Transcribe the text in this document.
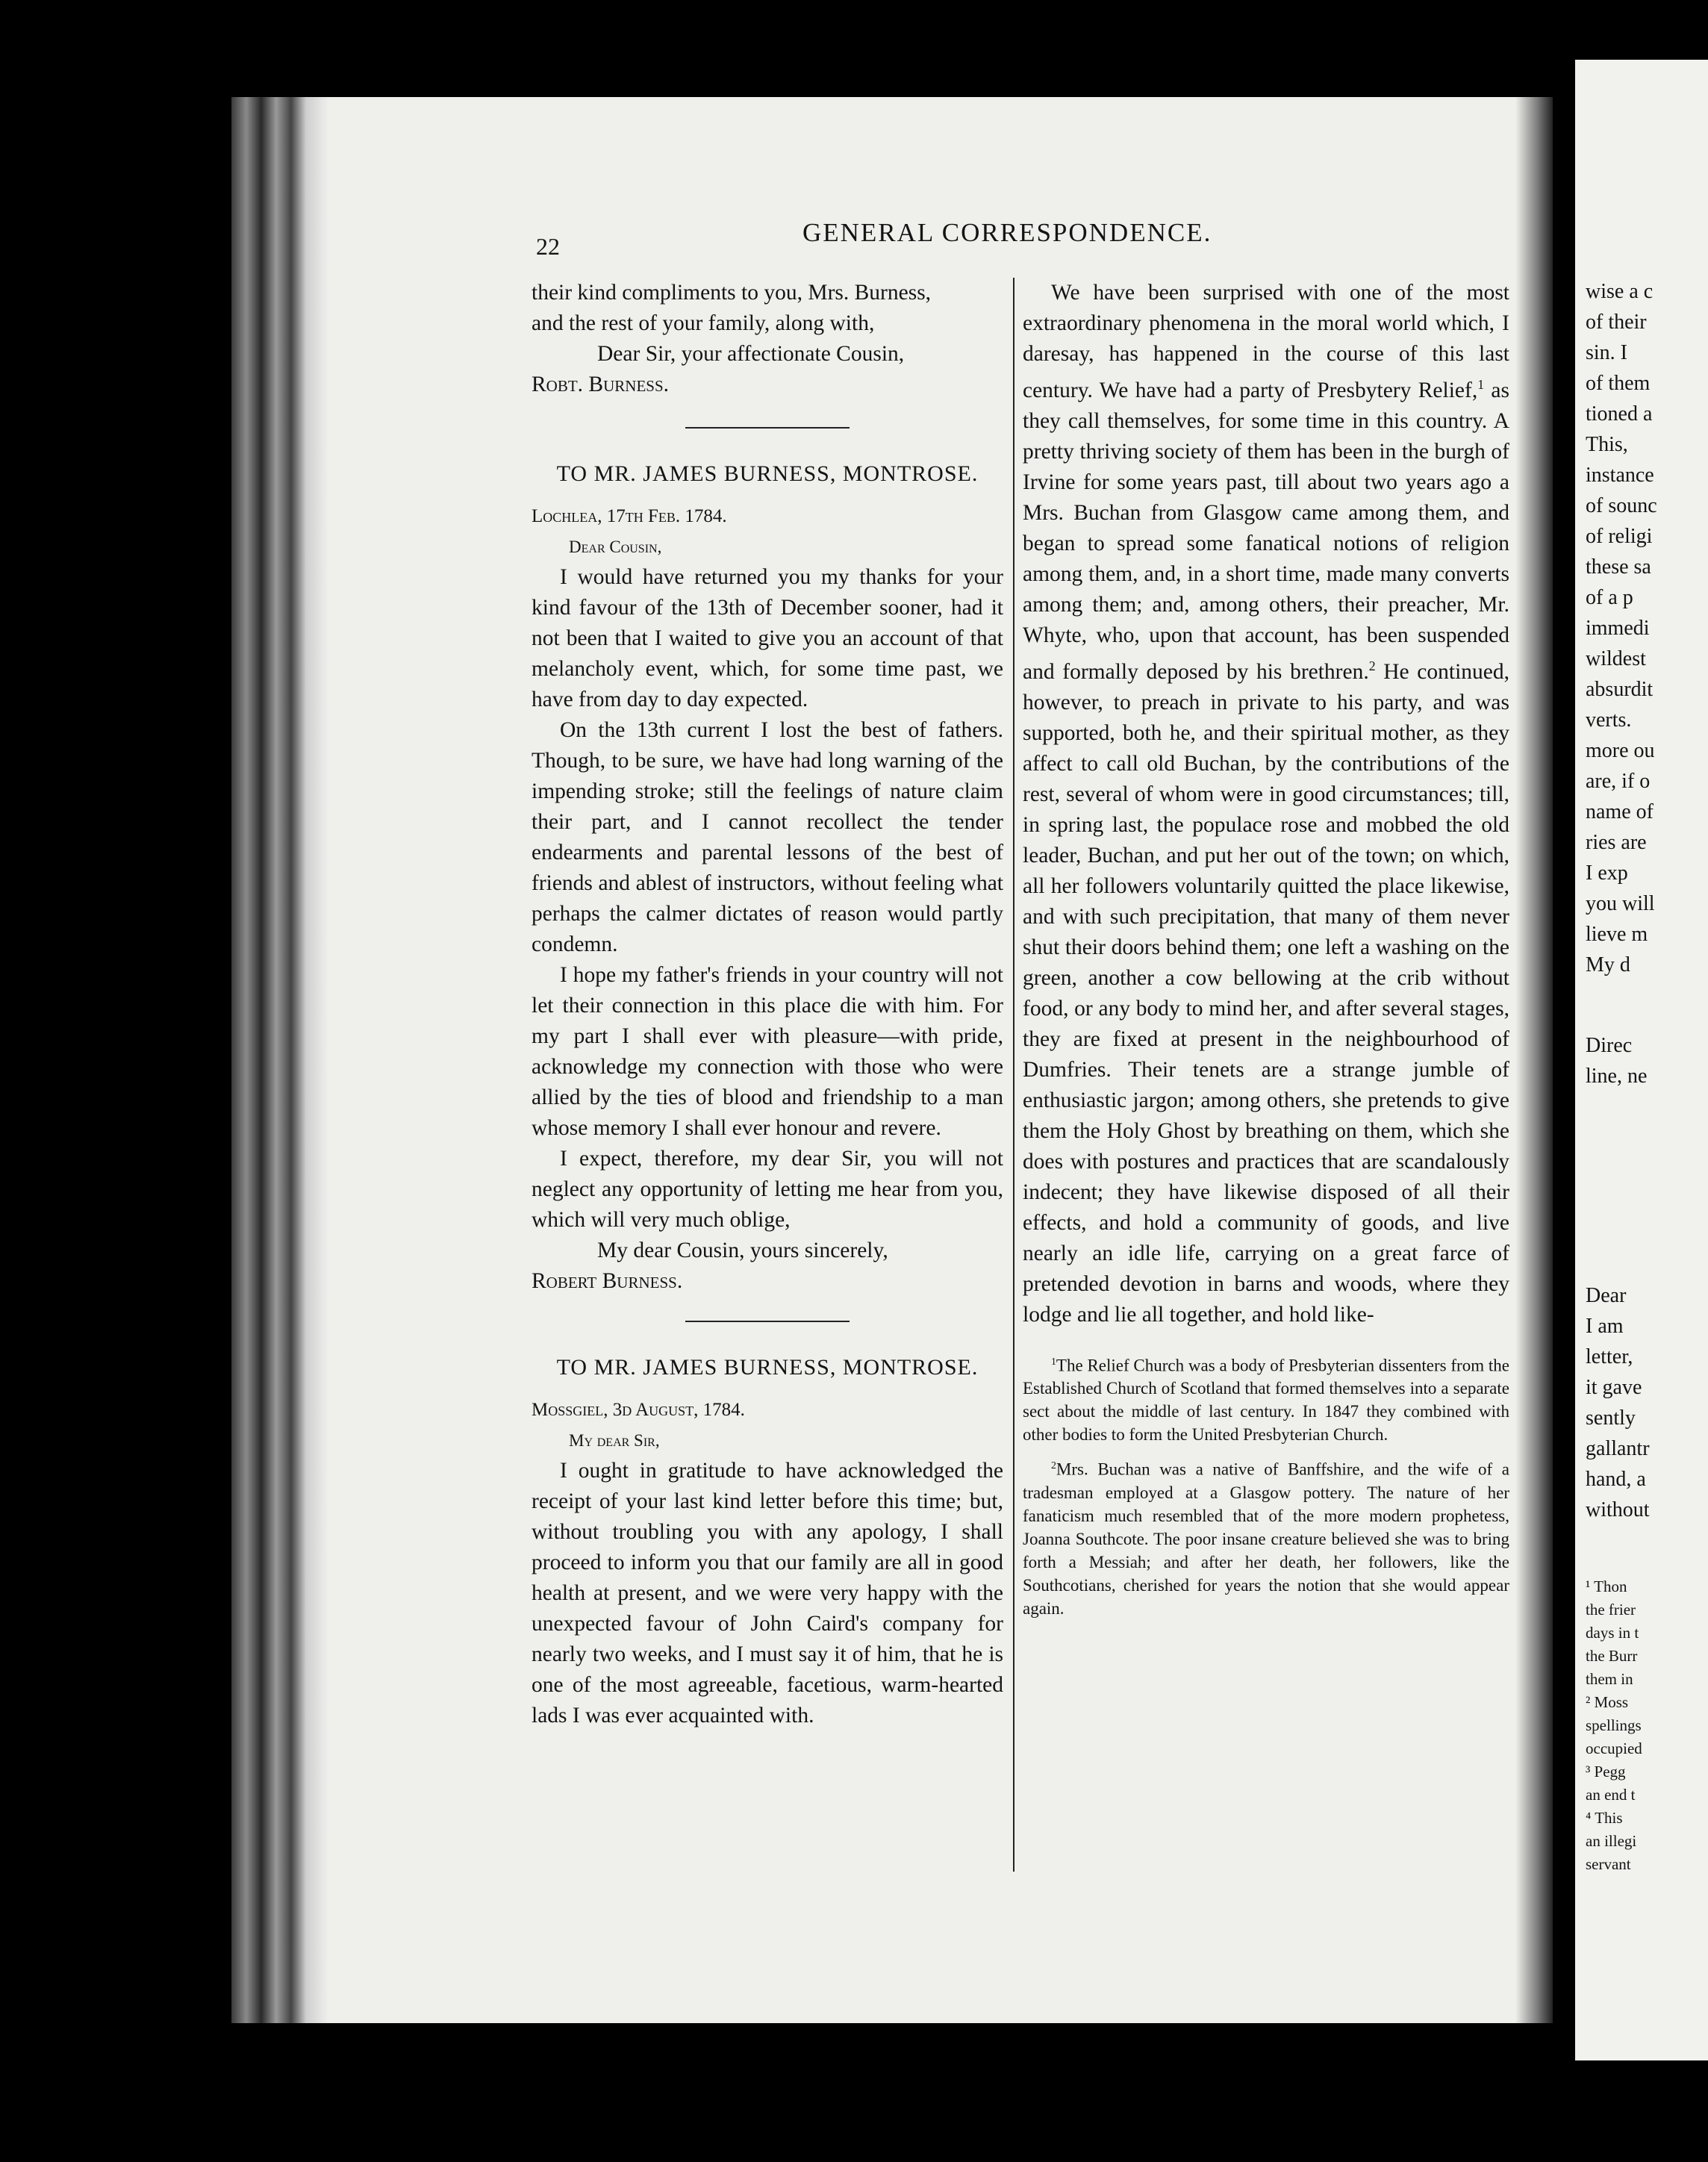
wise a c
of their
sin. I
of them
tioned a
This,
instance
of sounc
of religi
these sa
of a p
immedi
wildest
absurdit
verts.
more ou
are, if o
name of
ries are
I exp
you will
lieve m
My d
Direc
line, ne
Dear
I am
letter,
it gave
sently
gallantr
hand, a
without
¹ Thon
the frier
days in t
the Burr
them in
² Moss
spellings
occupied
³ Pegg
an end t
⁴ This
an illegi
servant
22	GENERAL CORRESPONDENCE.

their kind compliments to you, Mrs. Burness,

and the rest of your family, along with,

Dear Sir, your affectionate Cousin,

Robt. Burness.

TO MR. JAMES BURNESS, MONTROSE.

Lochlea, 17th Feb. 1784.

Dear Cousin,

I would have returned you my thanks for your kind favour of the 13th of December sooner, had it not been that I waited to give you an account of that melancholy event, which, for some time past, we have from day to day expected.

On the 13th current I lost the best of fathers. Though, to be sure, we have had long warning of the impending stroke; still the feelings of nature claim their part, and I cannot recollect the tender endearments and parental lessons of the best of friends and ablest of instructors, without feeling what perhaps the calmer dictates of reason would partly condemn.

I hope my father's friends in your country will not let their connection in this place die with him. For my part I shall ever with pleasure—with pride, acknowledge my connection with those who were allied by the ties of blood and friendship to a man whose memory I shall ever honour and revere.

I expect, therefore, my dear Sir, you will not neglect any opportunity of letting me hear from you, which will very much oblige,

My dear Cousin, yours sincerely,

Robert Burness.

TO MR. JAMES BURNESS, MONTROSE.

Mossgiel, 3d August, 1784.

My dear Sir,

I ought in gratitude to have acknowledged the receipt of your last kind letter before this time; but, without troubling you with any apology, I shall proceed to inform you that our family are all in good health at present, and we were very happy with the unexpected favour of John Caird's company for nearly two weeks, and I must say it of him, that he is one of the most agreeable, facetious, warm-hearted lads I was ever acquainted with.

We have been surprised with one of the most extraordinary phenomena in the moral world which, I daresay, has happened in the course of this last century. We have had a party of Presbytery Relief,$^1$ as they call themselves, for some time in this country. A pretty thriving society of them has been in the burgh of Irvine for some years past, till about two years ago a Mrs. Buchan from Glasgow came among them, and began to spread some fanatical notions of religion among them, and, in a short time, made many converts among them; and, among others, their preacher, Mr. Whyte, who, upon that account, has been suspended and formally deposed by his brethren.$^2$ He continued, however, to preach in private to his party, and was supported, both he, and their spiritual mother, as they affect to call old Buchan, by the contributions of the rest, several of whom were in good circumstances; till, in spring last, the populace rose and mobbed the old leader, Buchan, and put her out of the town; on which, all her followers voluntarily quitted the place likewise, and with such precipitation, that many of them never shut their doors behind them; one left a washing on the green, another a cow bellowing at the crib without food, or any body to mind her, and after several stages, they are fixed at present in the neighbourhood of Dumfries. Their tenets are a strange jumble of enthusiastic jargon; among others, she pretends to give them the Holy Ghost by breathing on them, which she does with postures and practices that are scandalously indecent; they have likewise disposed of all their effects, and hold a community of goods, and live nearly an idle life, carrying on a great farce of pretended devotion in barns and woods, where they lodge and lie all together, and hold like-

$^1$The Relief Church was a body of Presbyterian dissenters from the Established Church of Scotland that formed themselves into a separate sect about the middle of last century. In 1847 they combined with other bodies to form the United Presbyterian Church.

$^2$Mrs. Buchan was a native of Banffshire, and the wife of a tradesman employed at a Glasgow pottery. The nature of her fanaticism much resembled that of the more modern prophetess, Joanna Southcote. The poor insane creature believed she was to bring forth a Messiah; and after her death, her followers, like the Southcotians, cherished for years the notion that she would appear again.
